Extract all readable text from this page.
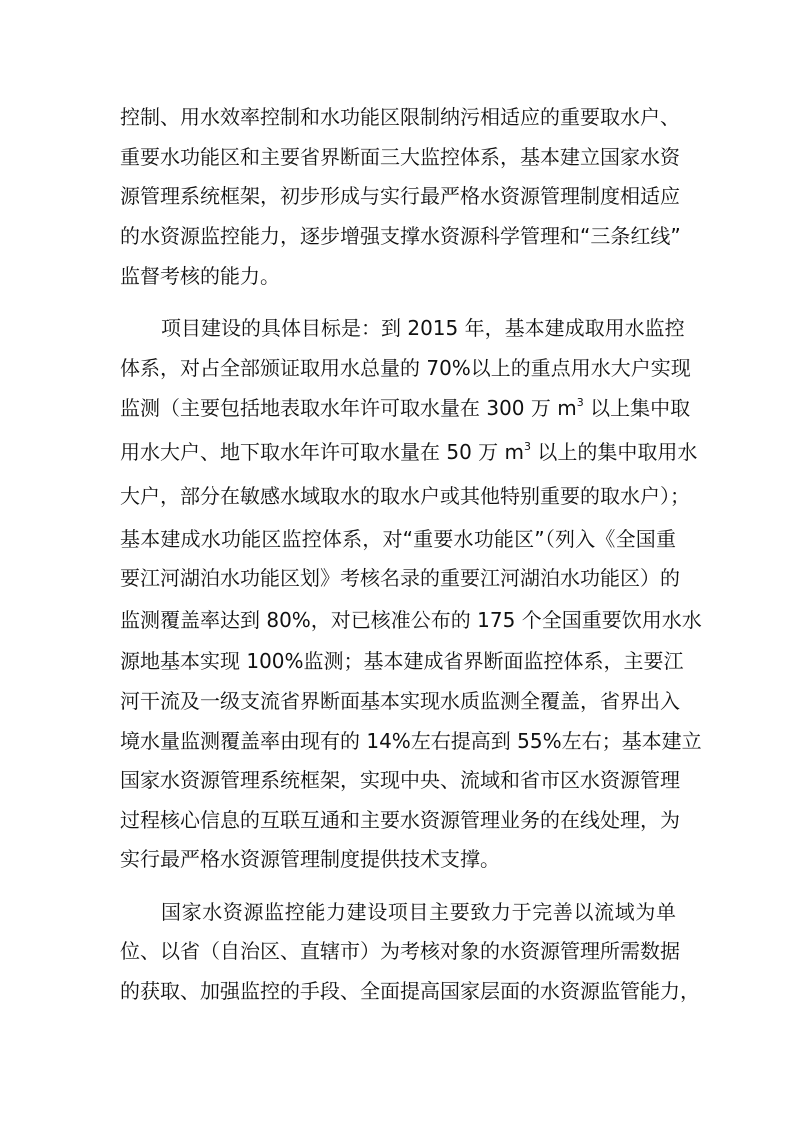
控制、用水效率控制和水功能区限制纳污相适应的重要取水户、
重要水功能区和主要省界断面三大监控体系，基本建立国家水资
源管理系统框架，初步形成与实行最严格水资源管理制度相适应
的水资源监控能力，逐步增强支撑水资源科学管理和“三条红线”
监督考核的能力。
项目建设的具体目标是：到 2015 年，基本建成取用水监控
体系，对占全部颁证取用水总量的 70%以上的重点用水大户实现
监测（主要包括地表取水年许可取水量在 300 万 $m^3$ 以上集中取
用水大户、地下取水年许可取水量在 50 万 $m^3$ 以上的集中取用水
大户，部分在敏感水域取水的取水户或其他特别重要的取水户）；
基本建成水功能区监控体系，对“重要水功能区”（列入《全国重
要江河湖泊水功能区划》考核名录的重要江河湖泊水功能区）的
监测覆盖率达到 80%，对已核准公布的 175 个全国重要饮用水水
源地基本实现 100%监测；基本建成省界断面监控体系，主要江
河干流及一级支流省界断面基本实现水质监测全覆盖，省界出入
境水量监测覆盖率由现有的 14%左右提高到 55%左右；基本建立
国家水资源管理系统框架，实现中央、流域和省市区水资源管理
过程核心信息的互联互通和主要水资源管理业务的在线处理，为
实行最严格水资源管理制度提供技术支撑。
国家水资源监控能力建设项目主要致力于完善以流域为单
位、以省（自治区、直辖市）为考核对象的水资源管理所需数据
的获取、加强监控的手段、全面提高国家层面的水资源监管能力，
